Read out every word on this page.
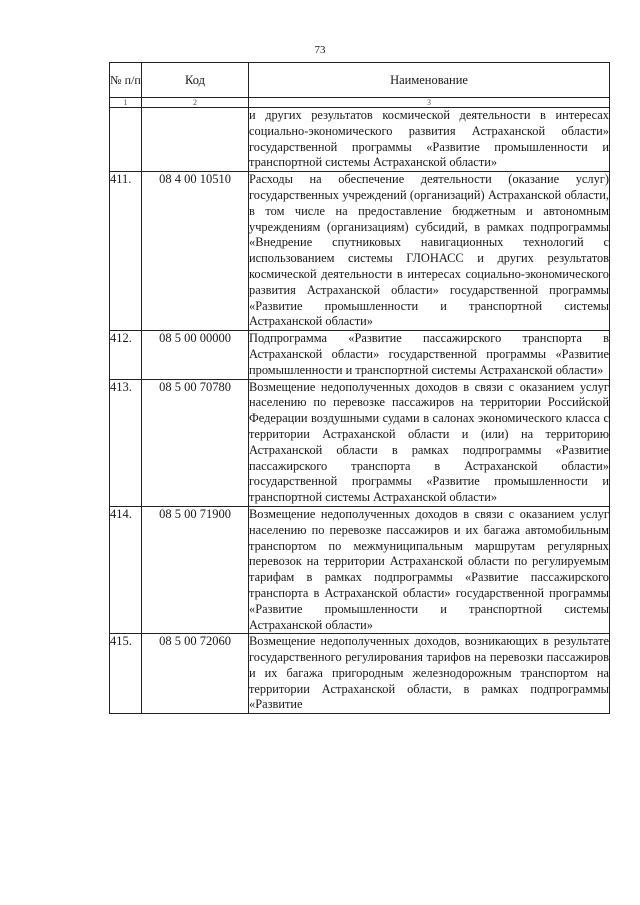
73
№ п/п	Код	Наименование
1	2	3
		и других результатов космической деятельности в интересах социально-экономического развития Астраханской области» государственной программы «Развитие промышленности и транспортной системы Астраханской области»
411.	08 4 00 10510	Расходы на обеспечение деятельности (оказание услуг) государственных учреждений (организаций) Астраханской области, в том числе на предоставление бюджетным и автономным учреждениям (организациям) субсидий, в рамках подпрограммы «Внедрение спутниковых навигационных технологий с использованием системы ГЛОНАСС и других результатов космической деятельности в интересах социально-экономического развития Астраханской области» государственной программы «Развитие промышленности и транспортной системы Астраханской области»
412.	08 5 00 00000	Подпрограмма «Развитие пассажирского транспорта в Астраханской области» государственной программы «Развитие промышленности и транспортной системы Астраханской области»
413.	08 5 00 70780	Возмещение недополученных доходов в связи с оказанием услуг населению по перевозке пассажиров на территории Российской Федерации воздушными судами в салонах экономического класса с территории Астраханской области и (или) на территорию Астраханской области в рамках подпрограммы «Развитие пассажирского транспорта в Астраханской области» государственной программы «Развитие промышленности и транспортной системы Астраханской области»
414.	08 5 00 71900	Возмещение недополученных доходов в связи с оказанием услуг населению по перевозке пассажиров и их багажа автомобильным транспортом по межмуниципальным маршрутам регулярных перевозок на территории Астраханской области по регулируемым тарифам в рамках подпрограммы «Развитие пассажирского транспорта в Астраханской области» государственной программы «Развитие промышленности и транспортной системы Астраханской области»
415.	08 5 00 72060	Возмещение недополученных доходов, возникающих в результате государственного регулирования тарифов на перевозки пассажиров и их багажа пригородным железнодорожным транспортом на территории Астраханской области, в рамках подпрограммы «Развитие
